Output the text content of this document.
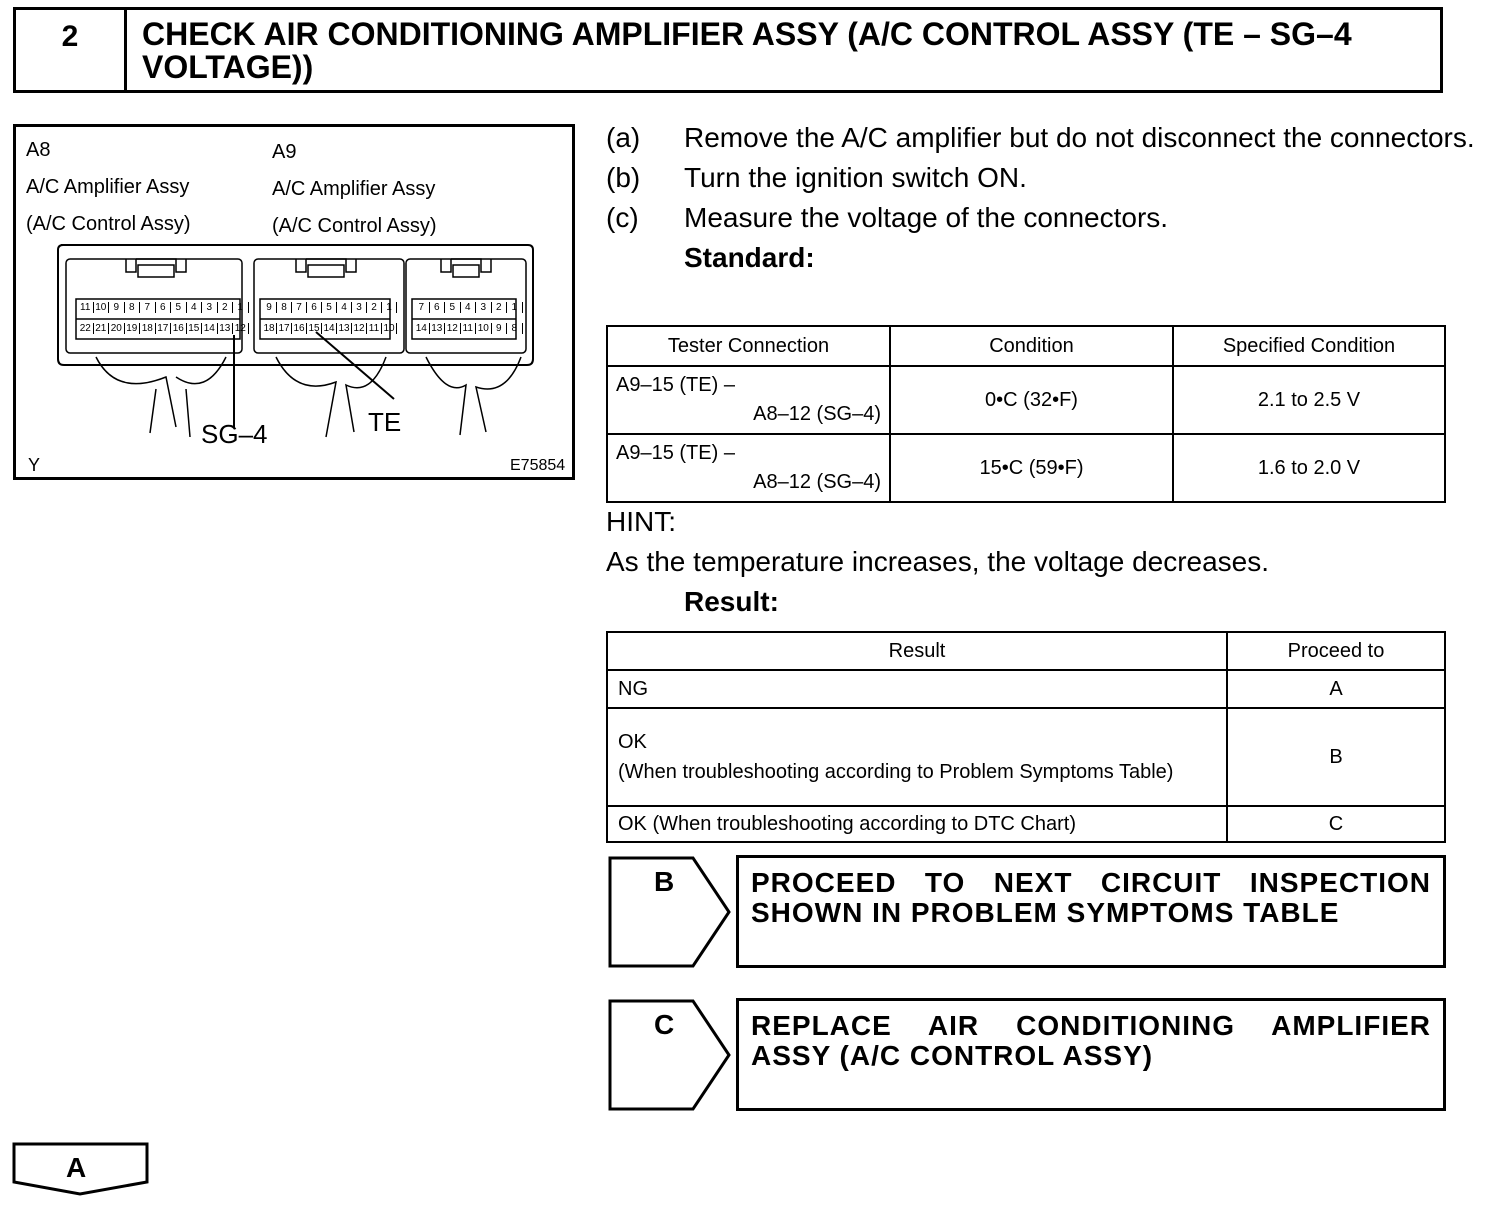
2	CHECK AIR CONDITIONING AMPLIFIER ASSY (A/C CONTROL ASSY (TE – SG–4 VOLTAGE))
A8
A/C Amplifier Assy
(A/C Control Assy)
A9
A/C Amplifier Assy
(A/C Control Assy)
11 10 9 8 7 6 5 4 3 2 1
22 21 20 19 18 17 16 15 14 13 12
9 8 7 6 5 4 3 2 1
18 17 16 15 14 13 12 11 10
7 6 5 4 3 2 1
14 13 12 11 10 9 8
SG–4	TE
Y	E75854
(a) Remove the A/C amplifier but do not disconnect the connectors.
(b) Turn the ignition switch ON.
(c) Measure the voltage of the connectors.
Standard:
Tester Connection	Condition	Specified Condition

A9–15 (TE) –
A8–12 (SG–4)	0•C (32•F)	2.1 to 2.5 V

A9–15 (TE) –
A8–12 (SG–4)	15•C (59•F)	1.6 to 2.0 V
HINT:
As the temperature increases, the voltage decreases.
Result:
Result	Proceed to
NG	A

OK
(When troubleshooting according to Problem Symptoms Table)	B
OK (When troubleshooting according to DTC Chart)	C
B	PROCEED TO NEXT CIRCUIT INSPECTION SHOWN IN PROBLEM SYMPTOMS TABLE
C	REPLACE AIR CONDITIONING AMPLIFIER ASSY (A/C CONTROL ASSY)
A
